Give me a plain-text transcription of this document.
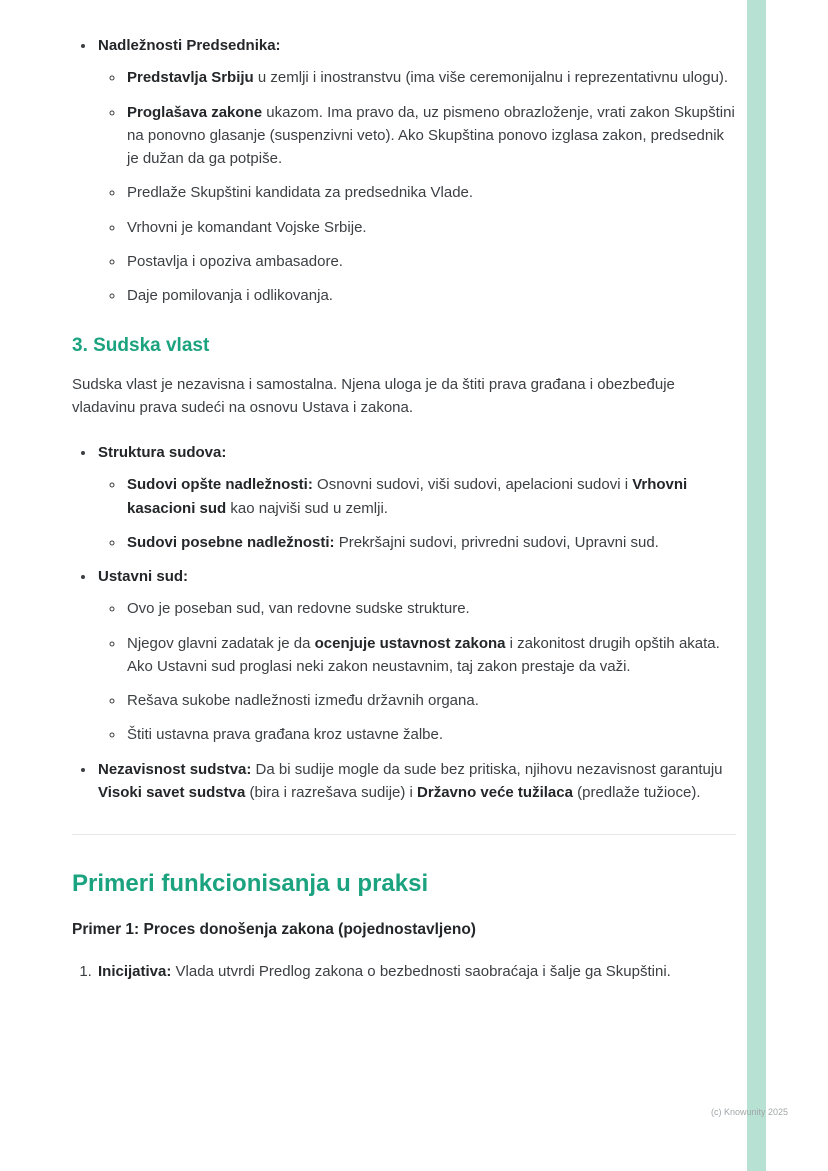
• Nadležnosti Predsednika:
◦ Predstavlja Srbiju u zemlji i inostranstvu (ima više ceremonijalnu i reprezentativnu ulogu).
◦ Proglašava zakone ukazom. Ima pravo da, uz pismeno obrazloženje, vrati zakon Skupštini na ponovno glasanje (suspenzivni veto). Ako Skupština ponovo izglasa zakon, predsednik je dužan da ga potpiše.
◦ Predlaže Skupštini kandidata za predsednika Vlade.
◦ Vrhovni je komandant Vojske Srbije.
◦ Postavlja i opoziva ambasadore.
◦ Daje pomilovanja i odlikovanja.
3. Sudska vlast

Sudska vlast je nezavisna i samostalna. Njena uloga je da štiti prava građana i obezbeđuje vladavinu prava sudeći na osnovu Ustava i zakona.

• Struktura sudova:
◦ Sudovi opšte nadležnosti: Osnovni sudovi, viši sudovi, apelacioni sudovi i Vrhovni kasacioni sud kao najviši sud u zemlji.
◦ Sudovi posebne nadležnosti: Prekršajni sudovi, privredni sudovi, Upravni sud.
• Ustavni sud:
◦ Ovo je poseban sud, van redovne sudske strukture.
◦ Njegov glavni zadatak je da ocenjuje ustavnost zakona i zakonitost drugih opštih akata. Ako Ustavni sud proglasi neki zakon neustavnim, taj zakon prestaje da važi.
◦ Rešava sukobe nadležnosti između državnih organa.
◦ Štiti ustavna prava građana kroz ustavne žalbe.
• Nezavisnost sudstva: Da bi sudije mogle da sude bez pritiska, njihovu nezavisnost garantuju Visoki savet sudstva (bira i razrešava sudije) i Državno veće tužilaca (predlaže tužioce).
Primeri funkcionisanja u praksi

Primer 1: Proces donošenja zakona (pojednostavljeno)

1. Inicijativa: Vlada utvrdi Predlog zakona o bezbednosti saobraćaja i šalje ga Skupštini.
(c) Knowunity 2025
